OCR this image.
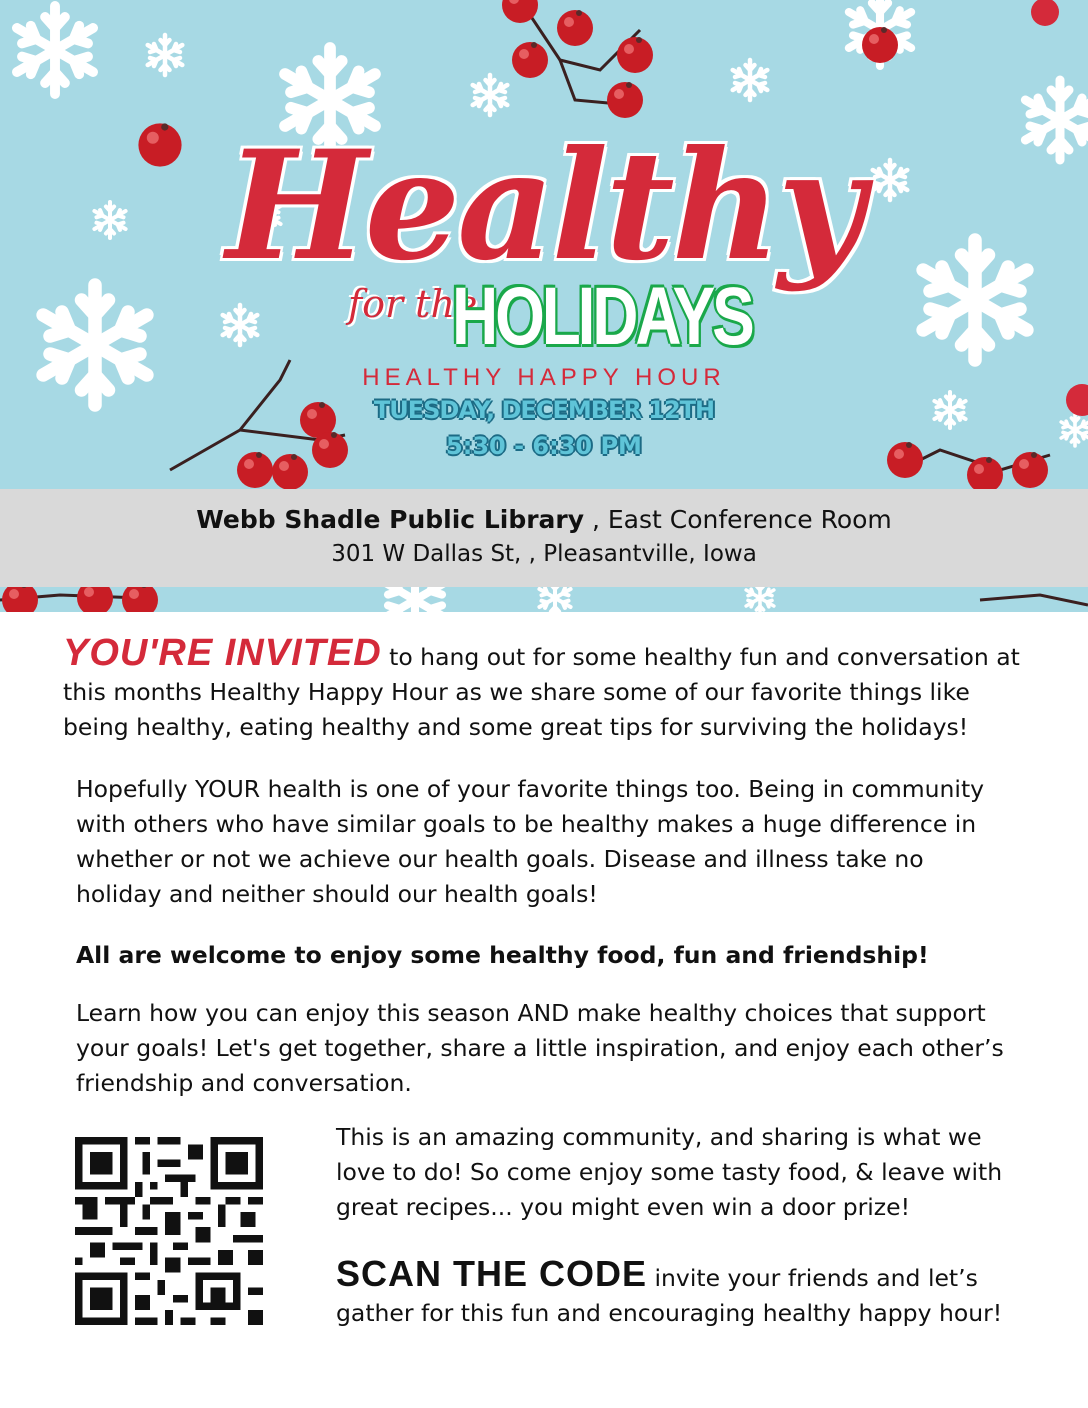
Healthy
for the
HOLIDAYS
HEALTHY HAPPY HOUR
TUESDAY, DECEMBER 12TH
5:30 - 6:30 PM
Webb Shadle Public Library , East Conference Room
301 W Dallas St, , Pleasantville, Iowa

YOU'RE INVITED to hang out for some healthy fun and conversation at this months Healthy Happy Hour as we share some of our favorite things like being healthy, eating healthy and some great tips for surviving the holidays!

Hopefully YOUR health is one of your favorite things too. Being in community with others who have similar goals to be healthy makes a huge difference in whether or not we achieve our health goals. Disease and illness take no holiday and neither should our health goals!

All are welcome to enjoy some healthy food, fun and friendship!

Learn how you can enjoy this season AND make healthy choices that support your goals! Let's get together, share a little inspiration, and enjoy each other’s friendship and conversation.

This is an amazing community, and sharing is what we love to do! So come enjoy some tasty food, & leave with great recipes... you might even win a door prize!

SCAN THE CODE invite your friends and let’s gather for this fun and encouraging healthy happy hour!
